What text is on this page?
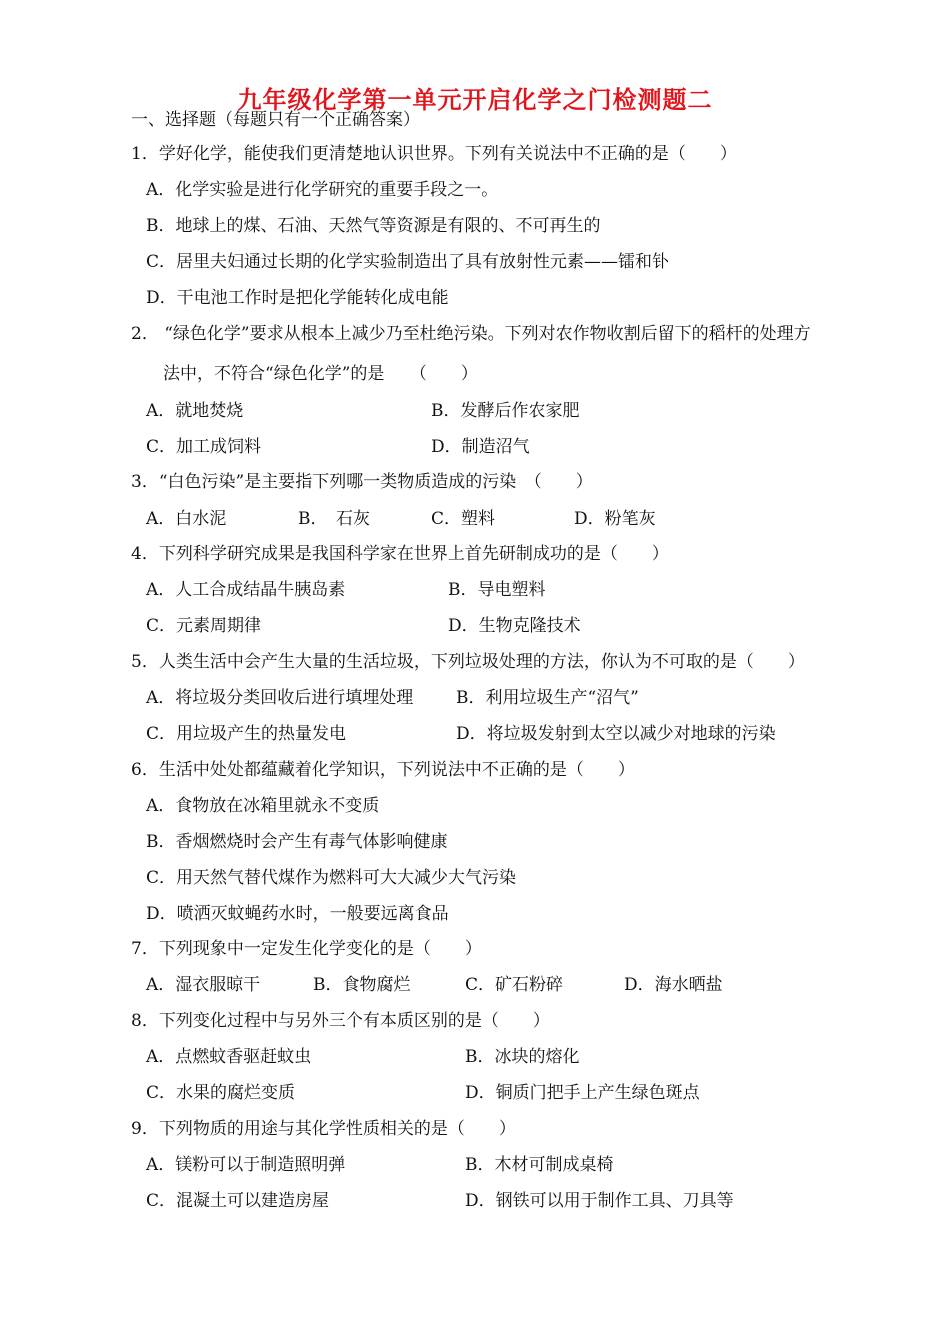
九年级化学第一单元开启化学之门检测题二
一、选择题（每题只有一个正确答案）
1．学好化学，能使我们更清楚地认识世界。下列有关说法中不正确的是（　　）
A．化学实验是进行化学研究的重要手段之一。
B．地球上的煤、石油、天然气等资源是有限的、不可再生的
C．居里夫妇通过长期的化学实验制造出了具有放射性元素——镭和钋
D．干电池工作时是把化学能转化成电能
2． “绿色化学”要求从根本上减少乃至杜绝污染。下列对农作物收割后留下的稻杆的处理方
法中，不符合“绿色化学”的是　　（　　）
A．就地焚烧	B．发酵后作农家肥
C．加工成饲料	D．制造沼气
3．“白色污染”是主要指下列哪一类物质造成的污染　（　　）
A．白水泥	B．　石灰	C．塑料	D．粉笔灰
4．下列科学研究成果是我国科学家在世界上首先研制成功的是（　　）
A．人工合成结晶牛胰岛素	B．导电塑料
C．元素周期律	D．生物克隆技术
5．人类生活中会产生大量的生活垃圾，下列垃圾处理的方法，你认为不可取的是（　　）
A．将垃圾分类回收后进行填埋处理	B．利用垃圾生产“沼气”
C．用垃圾产生的热量发电	D．将垃圾发射到太空以减少对地球的污染
6．生活中处处都蕴藏着化学知识，下列说法中不正确的是（　　）
A．食物放在冰箱里就永不变质
B．香烟燃烧时会产生有毒气体影响健康
C．用天然气替代煤作为燃料可大大减少大气污染
D．喷洒灭蚊蝇药水时，一般要远离食品
7．下列现象中一定发生化学变化的是（　　）
A．湿衣服晾干	B．食物腐烂	C．矿石粉碎	D．海水晒盐
8．下列变化过程中与另外三个有本质区别的是（　　）
A．点燃蚊香驱赶蚊虫	B．冰块的熔化
C．水果的腐烂变质	D．铜质门把手上产生绿色斑点
9．下列物质的用途与其化学性质相关的是（　　）
A．镁粉可以于制造照明弹	B．木材可制成桌椅
C．混凝土可以建造房屋	D．钢铁可以用于制作工具、刀具等
